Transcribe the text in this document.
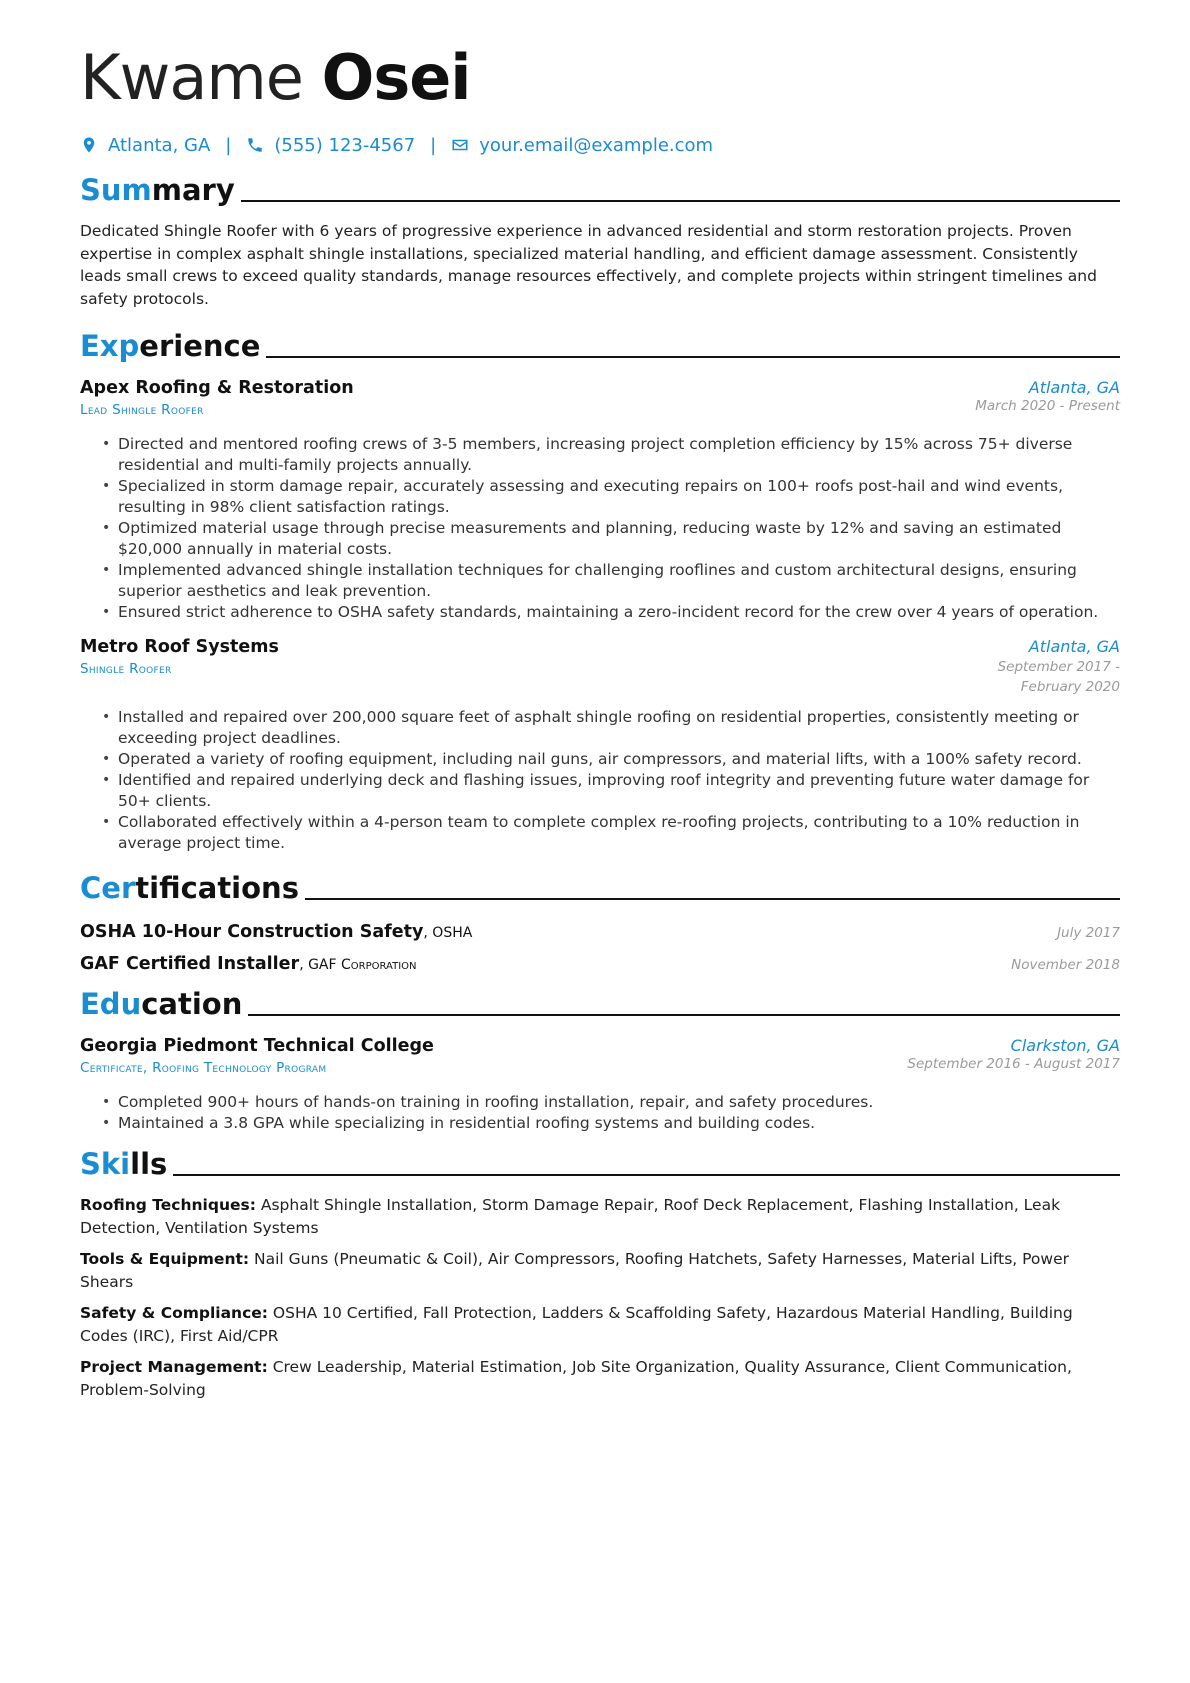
Kwame Osei
Atlanta, GA | (555) 123-4567 | your.email@example.com
Summary
Dedicated Shingle Roofer with 6 years of progressive experience in advanced residential and storm restoration projects. Proven expertise in complex asphalt shingle installations, specialized material handling, and efficient damage assessment. Consistently leads small crews to exceed quality standards, manage resources effectively, and complete projects within stringent timelines and safety protocols.
Experience
Apex Roofing & Restoration	Atlanta, GA
Lead Shingle Roofer	March 2020 - Present
• Directed and mentored roofing crews of 3-5 members, increasing project completion efficiency by 15% across 75+ diverse residential and multi-family projects annually.
• Specialized in storm damage repair, accurately assessing and executing repairs on 100+ roofs post-hail and wind events, resulting in 98% client satisfaction ratings.
• Optimized material usage through precise measurements and planning, reducing waste by 12% and saving an estimated $20,000 annually in material costs.
• Implemented advanced shingle installation techniques for challenging rooflines and custom architectural designs, ensuring superior aesthetics and leak prevention.
• Ensured strict adherence to OSHA safety standards, maintaining a zero-incident record for the crew over 4 years of operation.
Metro Roof Systems	Atlanta, GA
Shingle Roofer	September 2017 - February 2020
• Installed and repaired over 200,000 square feet of asphalt shingle roofing on residential properties, consistently meeting or exceeding project deadlines.
• Operated a variety of roofing equipment, including nail guns, air compressors, and material lifts, with a 100% safety record.
• Identified and repaired underlying deck and flashing issues, improving roof integrity and preventing future water damage for 50+ clients.
• Collaborated effectively within a 4-person team to complete complex re-roofing projects, contributing to a 10% reduction in average project time.
Certifications
OSHA 10-Hour Construction Safety, OSHA	July 2017
GAF Certified Installer, GAF Corporation	November 2018
Education
Georgia Piedmont Technical College	Clarkston, GA
Certificate, Roofing Technology Program	September 2016 - August 2017
• Completed 900+ hours of hands-on training in roofing installation, repair, and safety procedures.
• Maintained a 3.8 GPA while specializing in residential roofing systems and building codes.
Skills
Roofing Techniques: Asphalt Shingle Installation, Storm Damage Repair, Roof Deck Replacement, Flashing Installation, Leak Detection, Ventilation Systems
Tools & Equipment: Nail Guns (Pneumatic & Coil), Air Compressors, Roofing Hatchets, Safety Harnesses, Material Lifts, Power Shears
Safety & Compliance: OSHA 10 Certified, Fall Protection, Ladders & Scaffolding Safety, Hazardous Material Handling, Building Codes (IRC), First Aid/CPR
Project Management: Crew Leadership, Material Estimation, Job Site Organization, Quality Assurance, Client Communication, Problem-Solving
